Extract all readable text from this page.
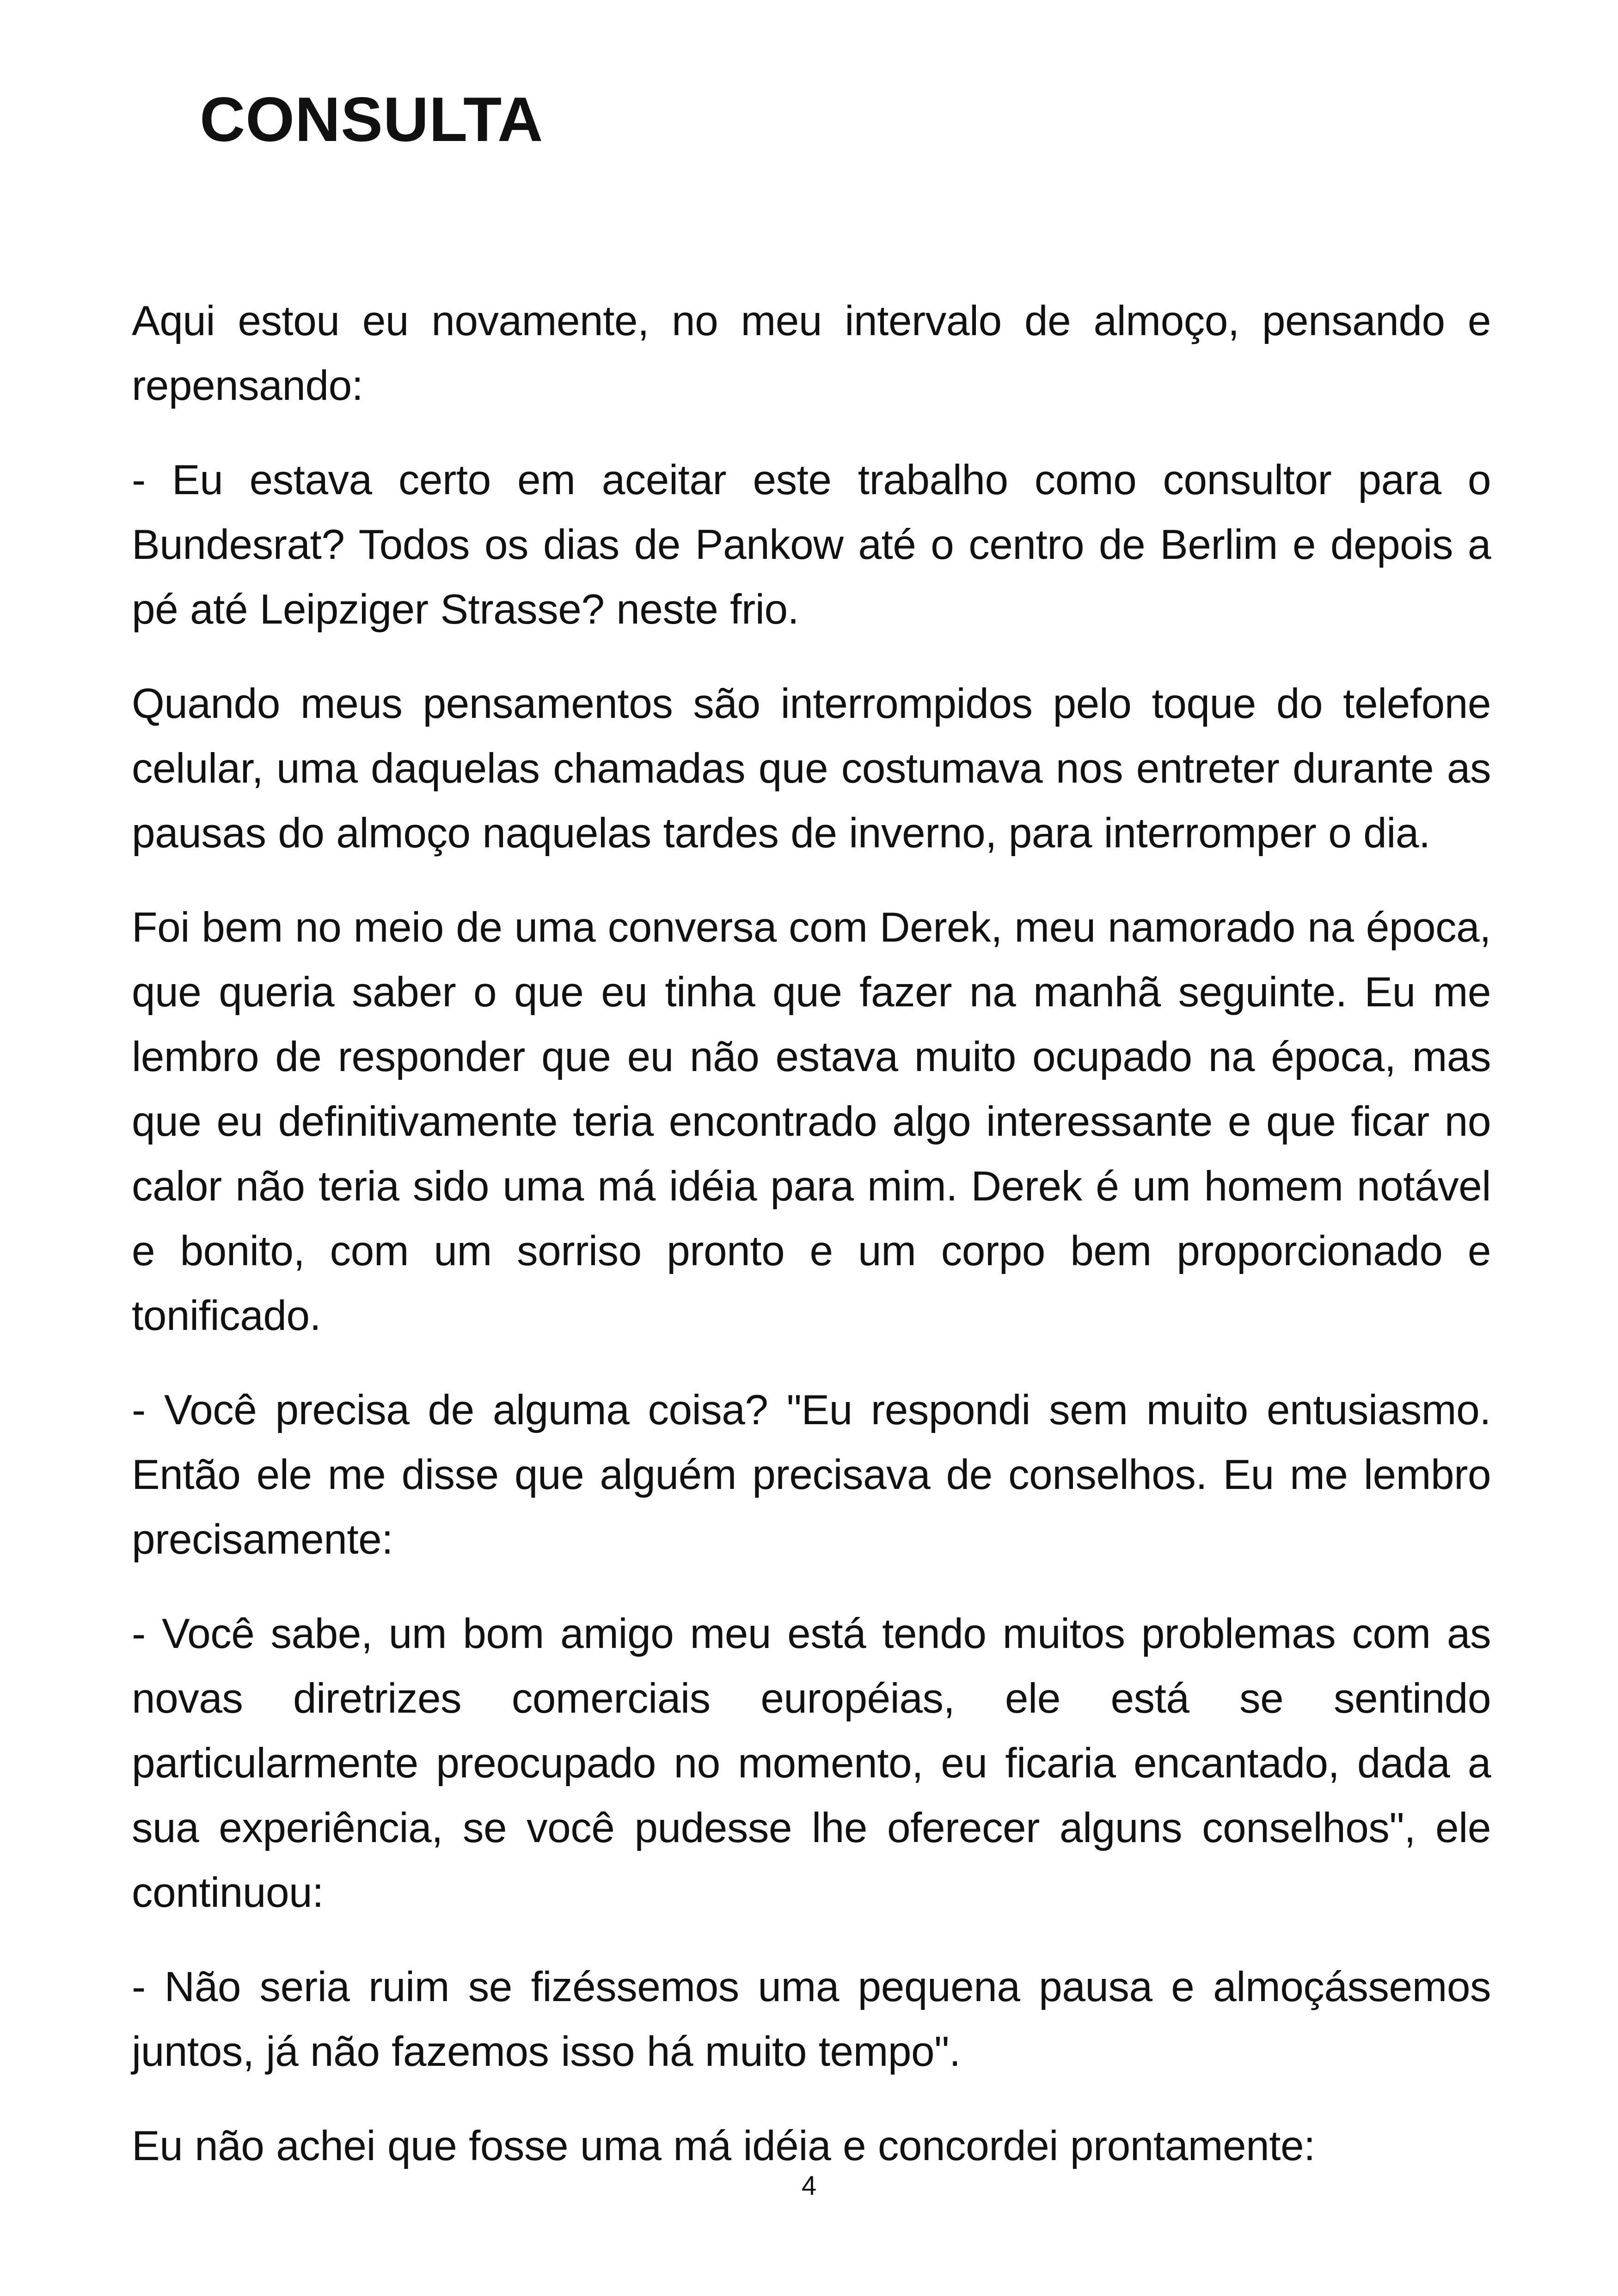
CONSULTA

Aqui estou eu novamente, no meu intervalo de almoço, pensando e repensando:

- Eu estava certo em aceitar este trabalho como consultor para o Bundesrat? Todos os dias de Pankow até o centro de Berlim e depois a pé até Leipziger Strasse? neste frio.

Quando meus pensamentos são interrompidos pelo toque do telefone celular, uma daquelas chamadas que costumava nos entreter durante as pausas do almoço naquelas tardes de inverno, para interromper o dia.

Foi bem no meio de uma conversa com Derek, meu namorado na época, que queria saber o que eu tinha que fazer na manhã seguinte. Eu me lembro de responder que eu não estava muito ocupado na época, mas que eu definitivamente teria encontrado algo interessante e que ficar no calor não teria sido uma má idéia para mim. Derek é um homem notável e bonito, com um sorriso pronto e um corpo bem proporcionado e tonificado.

- Você precisa de alguma coisa? "Eu respondi sem muito entusiasmo. Então ele me disse que alguém precisava de conselhos. Eu me lembro precisamente:

- Você sabe, um bom amigo meu está tendo muitos problemas com as novas diretrizes comerciais européias, ele está se sentindo particularmente preocupado no momento, eu ficaria encantado, dada a sua experiência, se você pudesse lhe oferecer alguns conselhos", ele continuou:

- Não seria ruim se fizéssemos uma pequena pausa e almoçássemos juntos, já não fazemos isso há muito tempo".

Eu não achei que fosse uma má idéia e concordei prontamente:

4
